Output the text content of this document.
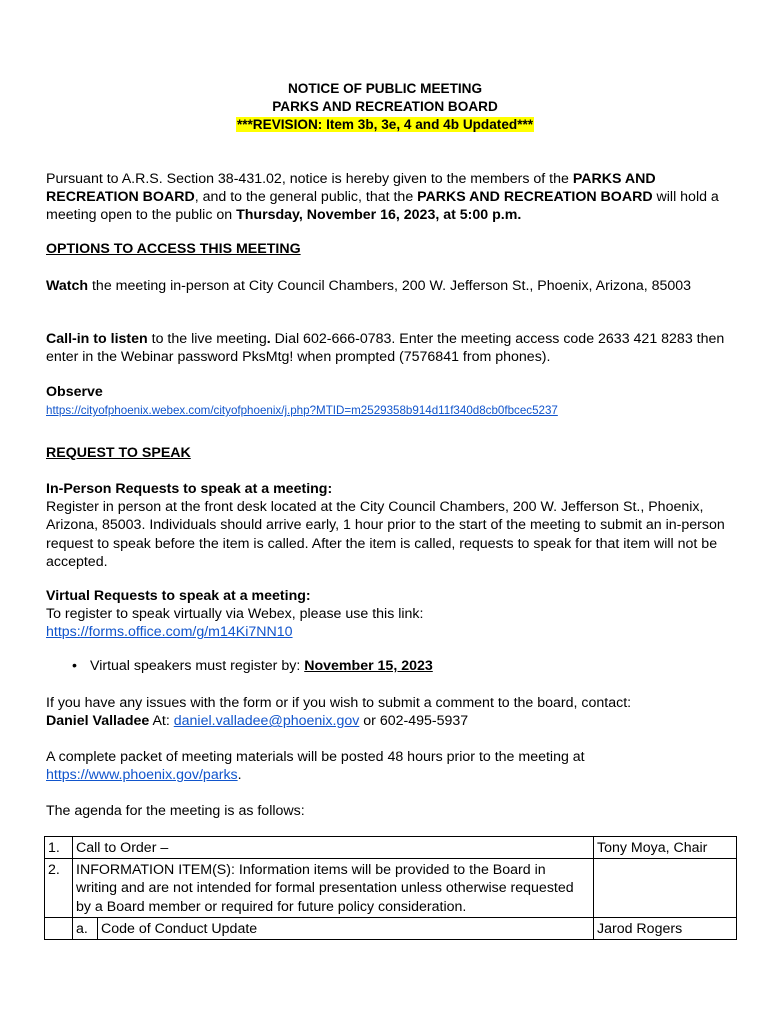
NOTICE OF PUBLIC MEETING
PARKS AND RECREATION BOARD
***REVISION: Item 3b, 3e, 4 and 4b Updated***
Pursuant to A.R.S. Section 38-431.02, notice is hereby given to the members of the PARKS AND RECREATION BOARD, and to the general public, that the PARKS AND RECREATION BOARD will hold a meeting open to the public on Thursday, November 16, 2023, at 5:00 p.m.
OPTIONS TO ACCESS THIS MEETING
Watch the meeting in-person at City Council Chambers, 200 W. Jefferson St., Phoenix, Arizona, 85003
Call-in to listen to the live meeting. Dial 602-666-0783. Enter the meeting access code 2633 421 8283 then enter in the Webinar password PksMtg! when prompted (7576841 from phones).
Observe
https://cityofphoenix.webex.com/cityofphoenix/j.php?MTID=m2529358b914d11f340d8cb0fbcec5237
REQUEST TO SPEAK
In-Person Requests to speak at a meeting:
Register in person at the front desk located at the City Council Chambers, 200 W. Jefferson St., Phoenix, Arizona, 85003. Individuals should arrive early, 1 hour prior to the start of the meeting to submit an in-person request to speak before the item is called. After the item is called, requests to speak for that item will not be accepted.
Virtual Requests to speak at a meeting:
To register to speak virtually via Webex, please use this link:
https://forms.office.com/g/m14Ki7NN10
• Virtual speakers must register by: November 15, 2023
If you have any issues with the form or if you wish to submit a comment to the board, contact:
Daniel Valladee At: daniel.valladee@phoenix.gov or 602-495-5937
A complete packet of meeting materials will be posted 48 hours prior to the meeting at
https://www.phoenix.gov/parks.
The agenda for the meeting is as follows:
1.	Call to Order –		Tony Moya, Chair
2.	INFORMATION ITEM(S): Information items will be provided to the Board in writing and are not intended for formal presentation unless otherwise requested by a Board member or required for future policy consideration.		
	a.	Code of Conduct Update	Jarod Rogers
